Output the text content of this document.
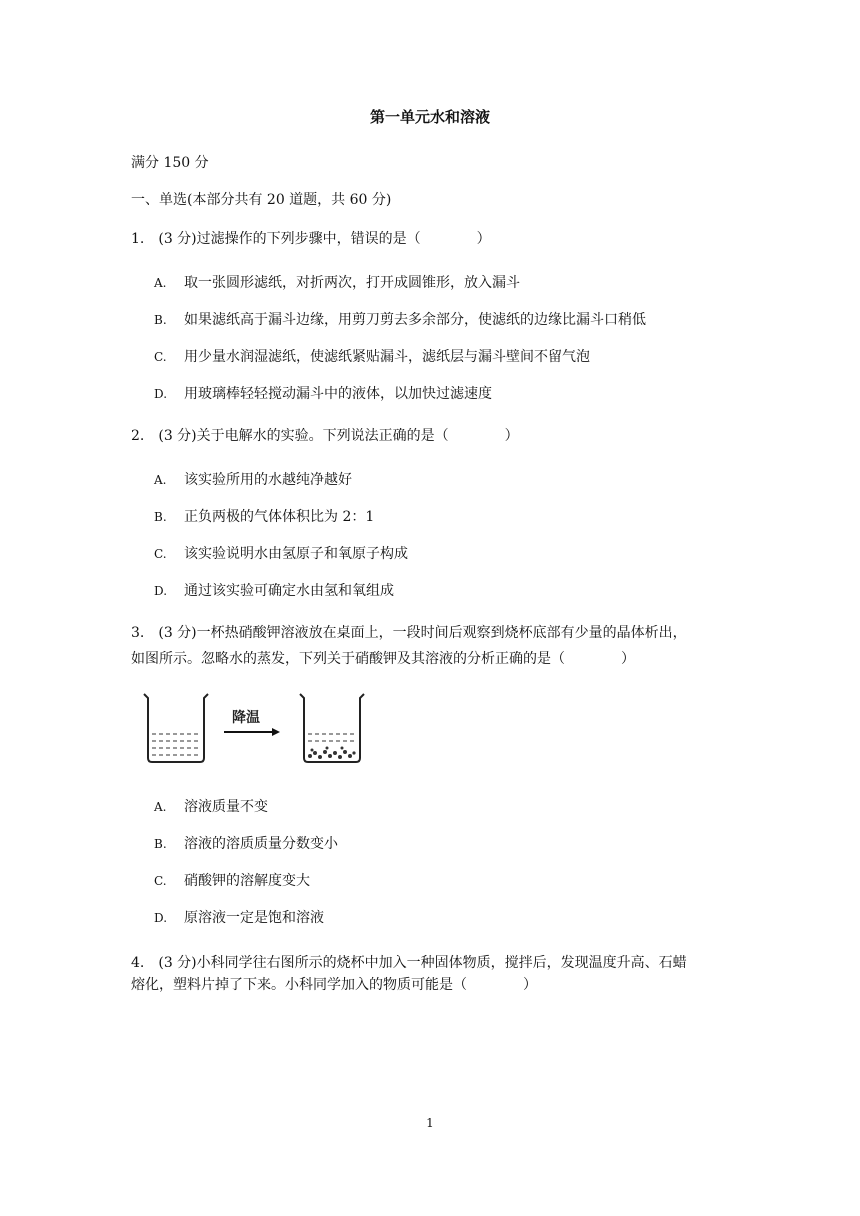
第一单元水和溶液
满分 150 分
一、单选(本部分共有 20 道题，共 60 分)
1.　(3 分)过滤操作的下列步骤中，错误的是（　　　　）
A. 取一张圆形滤纸，对折两次，打开成圆锥形，放入漏斗
B. 如果滤纸高于漏斗边缘，用剪刀剪去多余部分，使滤纸的边缘比漏斗口稍低
C. 用少量水润湿滤纸，使滤纸紧贴漏斗，滤纸层与漏斗壁间不留气泡
D. 用玻璃棒轻轻搅动漏斗中的液体，以加快过滤速度
2.　(3 分)关于电解水的实验。下列说法正确的是（　　　　）
A. 该实验所用的水越纯净越好
B. 正负两极的气体体积比为 2：1
C. 该实验说明水由氢原子和氧原子构成
D. 通过该实验可确定水由氢和氧组成
3.　(3 分)一杯热硝酸钾溶液放在桌面上，一段时间后观察到烧杯底部有少量的晶体析出，
如图所示。忽略水的蒸发，下列关于硝酸钾及其溶液的分析正确的是（　　　　）
降温
A. 溶液质量不变
B. 溶液的溶质质量分数变小
C. 硝酸钾的溶解度变大
D. 原溶液一定是饱和溶液
4.　(3 分)小科同学往右图所示的烧杯中加入一种固体物质，搅拌后，发现温度升高、石蜡
熔化，塑料片掉了下来。小科同学加入的物质可能是（　　　　）
1
